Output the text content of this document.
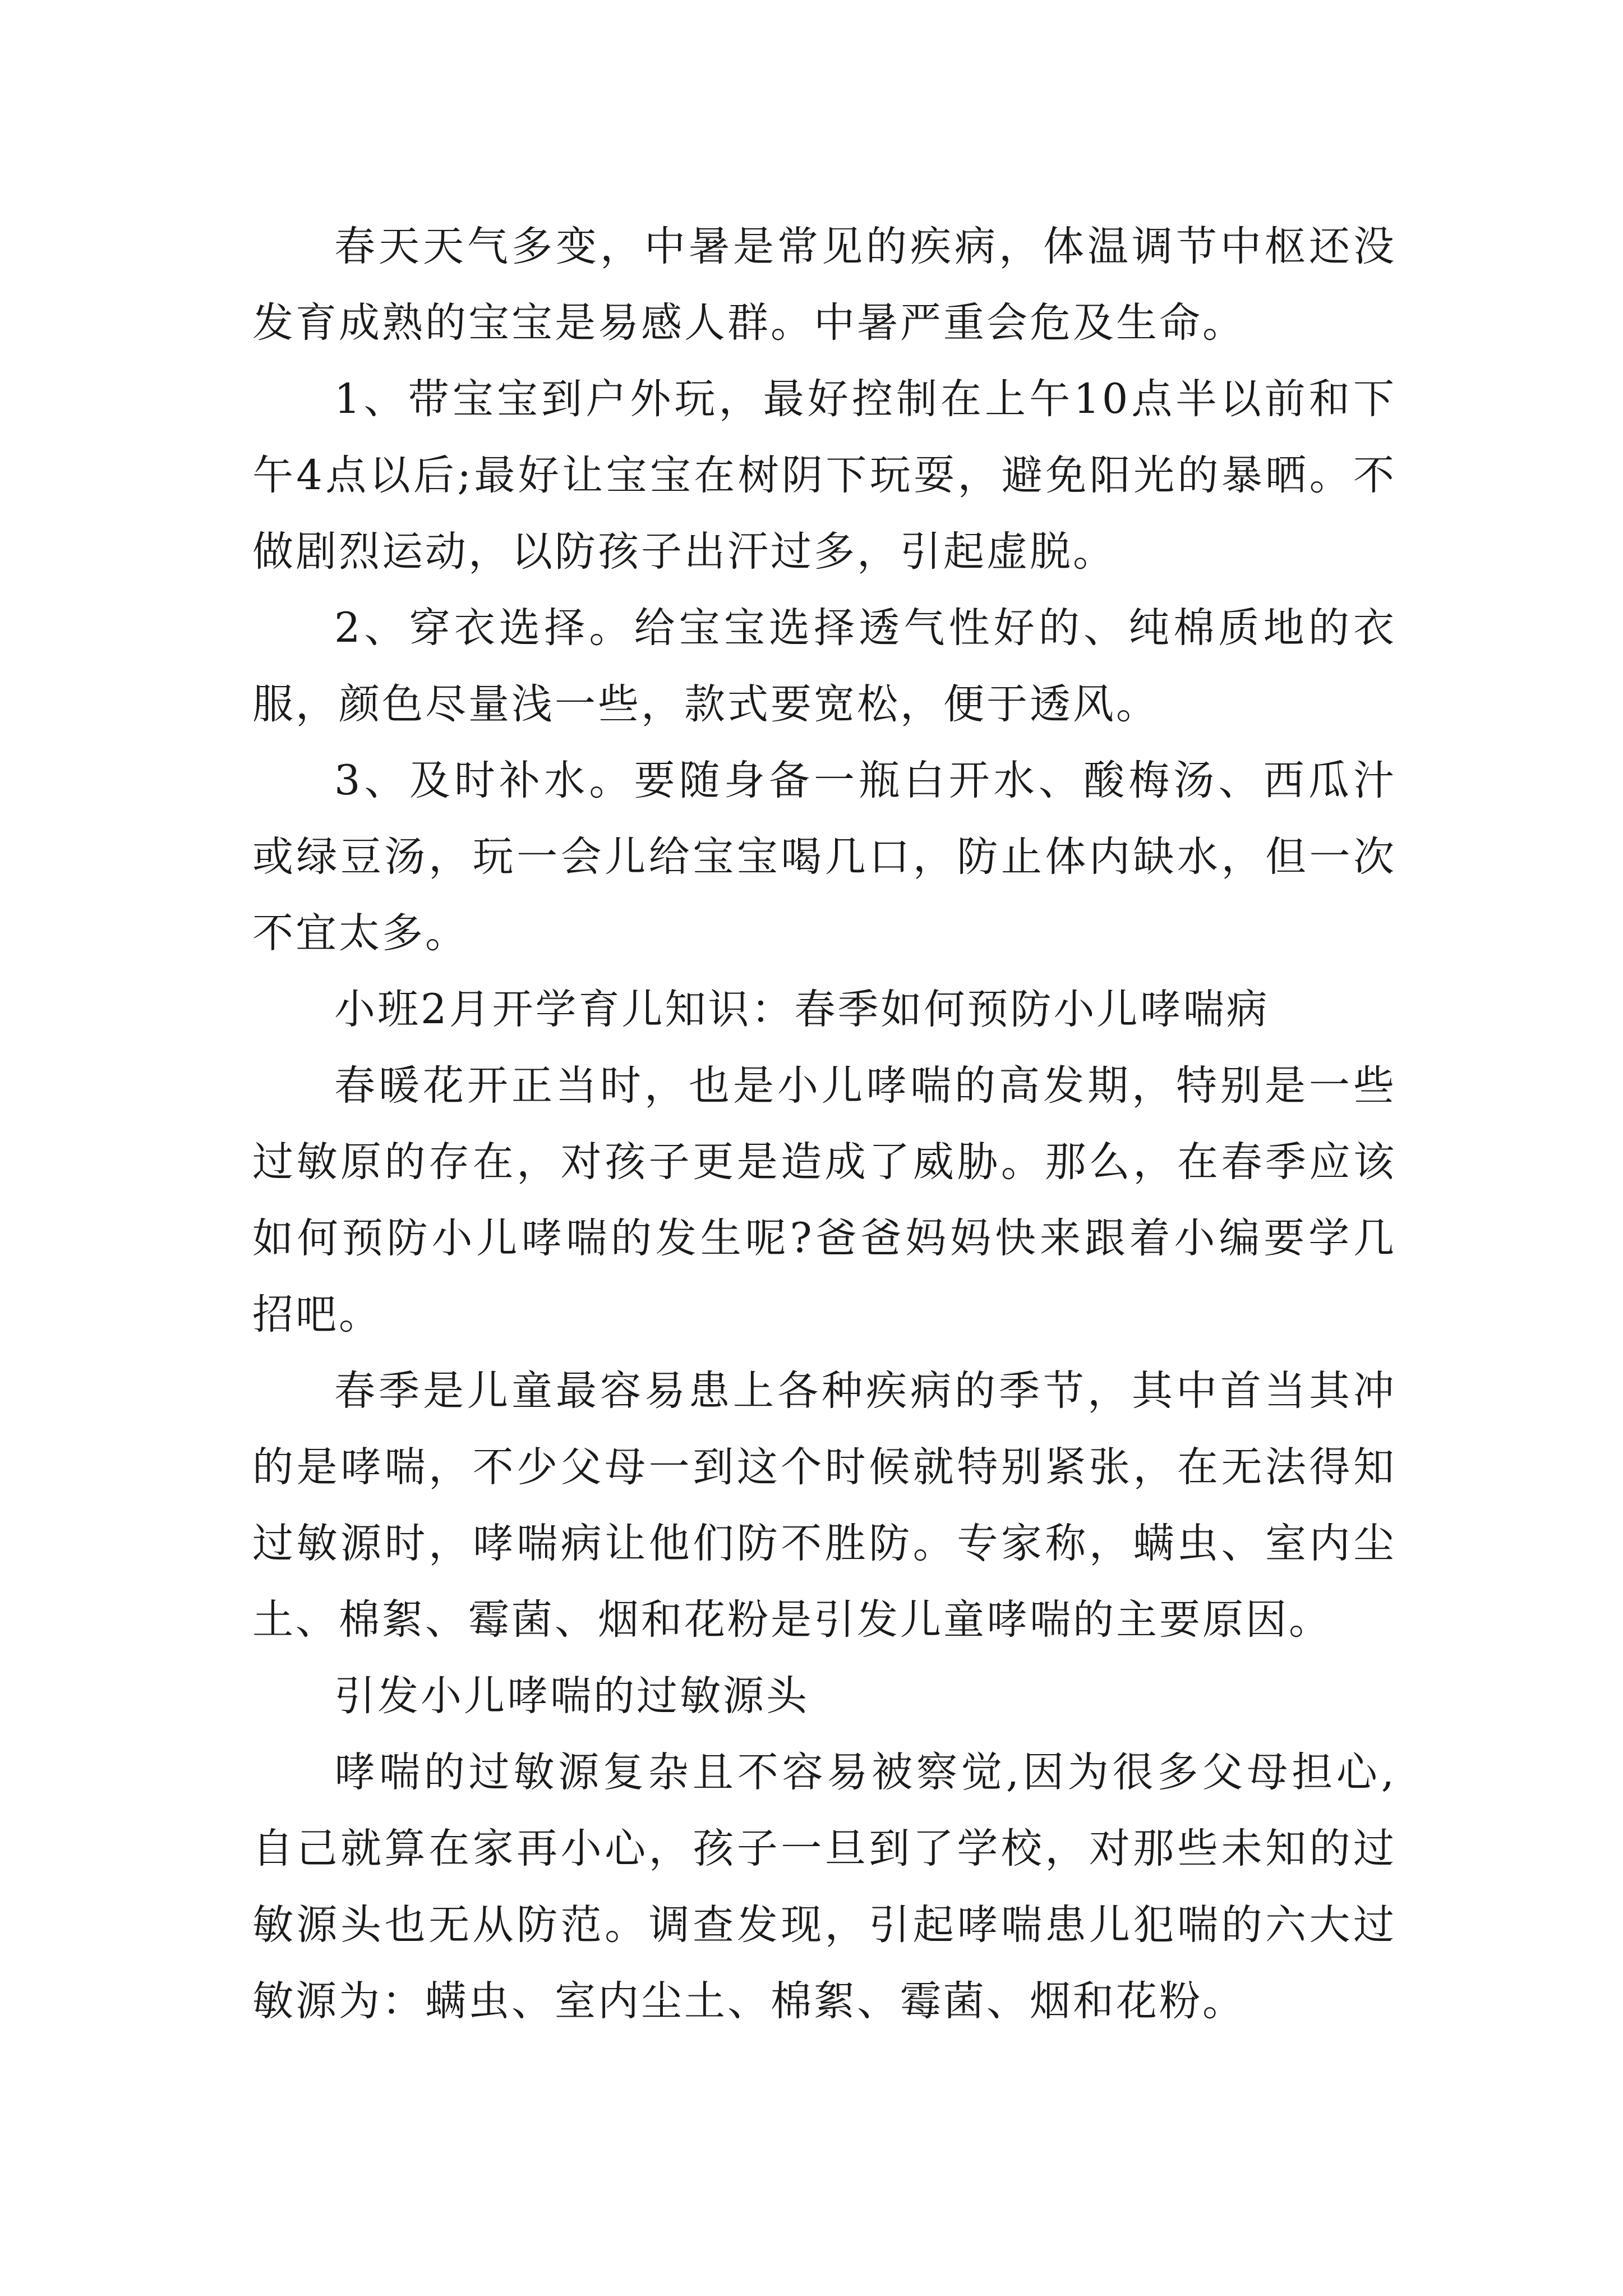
春天天气多变，中暑是常见的疾病，体温调节中枢还没发育成熟的宝宝是易感人群。中暑严重会危及生命。

1、带宝宝到户外玩，最好控制在上午10点半以前和下午4点以后;最好让宝宝在树阴下玩耍，避免阳光的暴晒。不做剧烈运动，以防孩子出汗过多，引起虚脱。

2、穿衣选择。给宝宝选择透气性好的、纯棉质地的衣服，颜色尽量浅一些，款式要宽松，便于透风。

3、及时补水。要随身备一瓶白开水、酸梅汤、西瓜汁或绿豆汤，玩一会儿给宝宝喝几口，防止体内缺水，但一次不宜太多。

小班2月开学育儿知识：春季如何预防小儿哮喘病

春暖花开正当时，也是小儿哮喘的高发期，特别是一些过敏原的存在，对孩子更是造成了威胁。那么，在春季应该如何预防小儿哮喘的发生呢?爸爸妈妈快来跟着小编要学几招吧。

春季是儿童最容易患上各种疾病的季节，其中首当其冲的是哮喘，不少父母一到这个时候就特别紧张，在无法得知过敏源时，哮喘病让他们防不胜防。专家称，螨虫、室内尘土、棉絮、霉菌、烟和花粉是引发儿童哮喘的主要原因。

引发小儿哮喘的过敏源头

哮喘的过敏源复杂且不容易被察觉,因为很多父母担心,自己就算在家再小心，孩子一旦到了学校，对那些未知的过敏源头也无从防范。调查发现，引起哮喘患儿犯喘的六大过敏源为：螨虫、室内尘土、棉絮、霉菌、烟和花粉。
